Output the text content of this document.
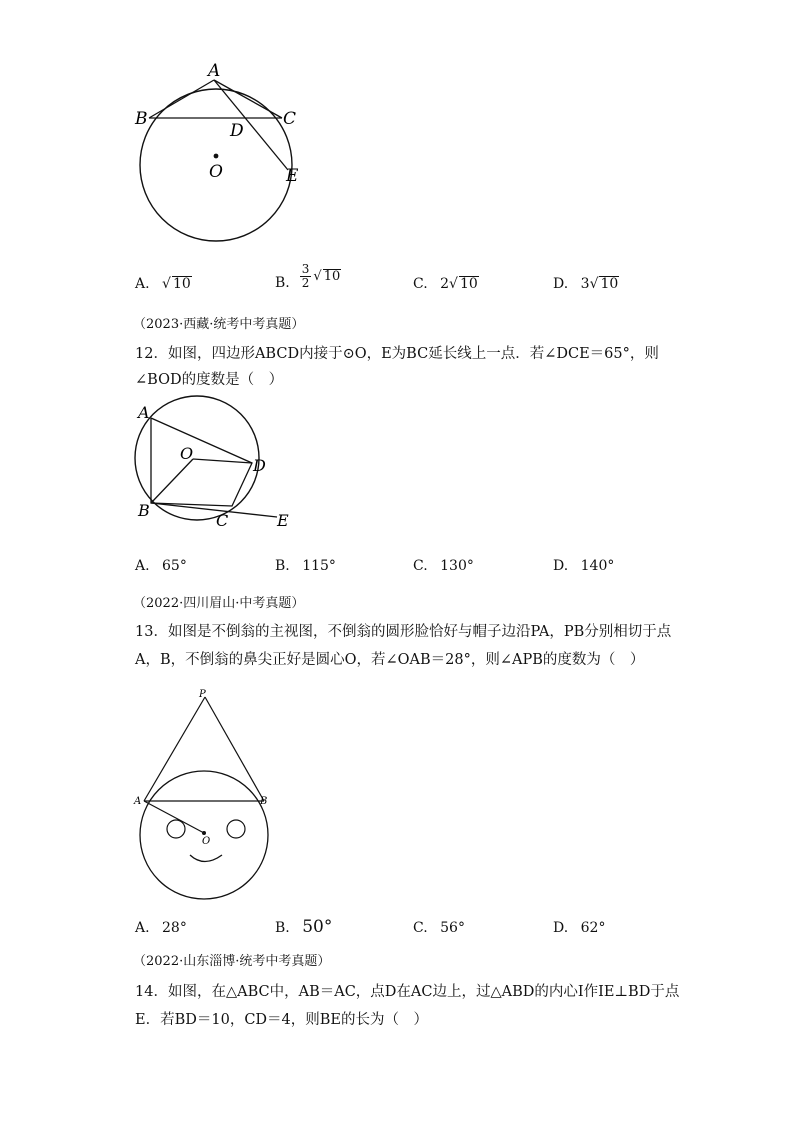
A
B	C
D
O	E
A. √ 10	B. $\frac{3}{2}$ √ 10	C. 2√ 10	D. 3√ 10
（2023·西藏·统考中考真题）
12．如图，四边形ABCD内接于⊙O，E为BC延长线上一点．若∠DCE＝65°，则
∠BOD的度数是（　）
A
O
D
B
C	E
A. 65°	B. 115°	C. 130°	D. 140°
（2022·四川眉山·中考真题）
13．如图是不倒翁的主视图，不倒翁的圆形脸恰好与帽子边沿PA，PB分别相切于点
A，B，不倒翁的鼻尖正好是圆心O，若∠OAB＝28°，则∠APB的度数为（　）
P
A	B
O
A. 28°	B. 50°	C. 56°	D. 62°
（2022·山东淄博·统考中考真题）
14．如图，在△ABC中，AB＝AC，点D在AC边上，过△ABD的内心I作IE⊥BD于点
E．若BD＝10，CD＝4，则BE的长为（　）
